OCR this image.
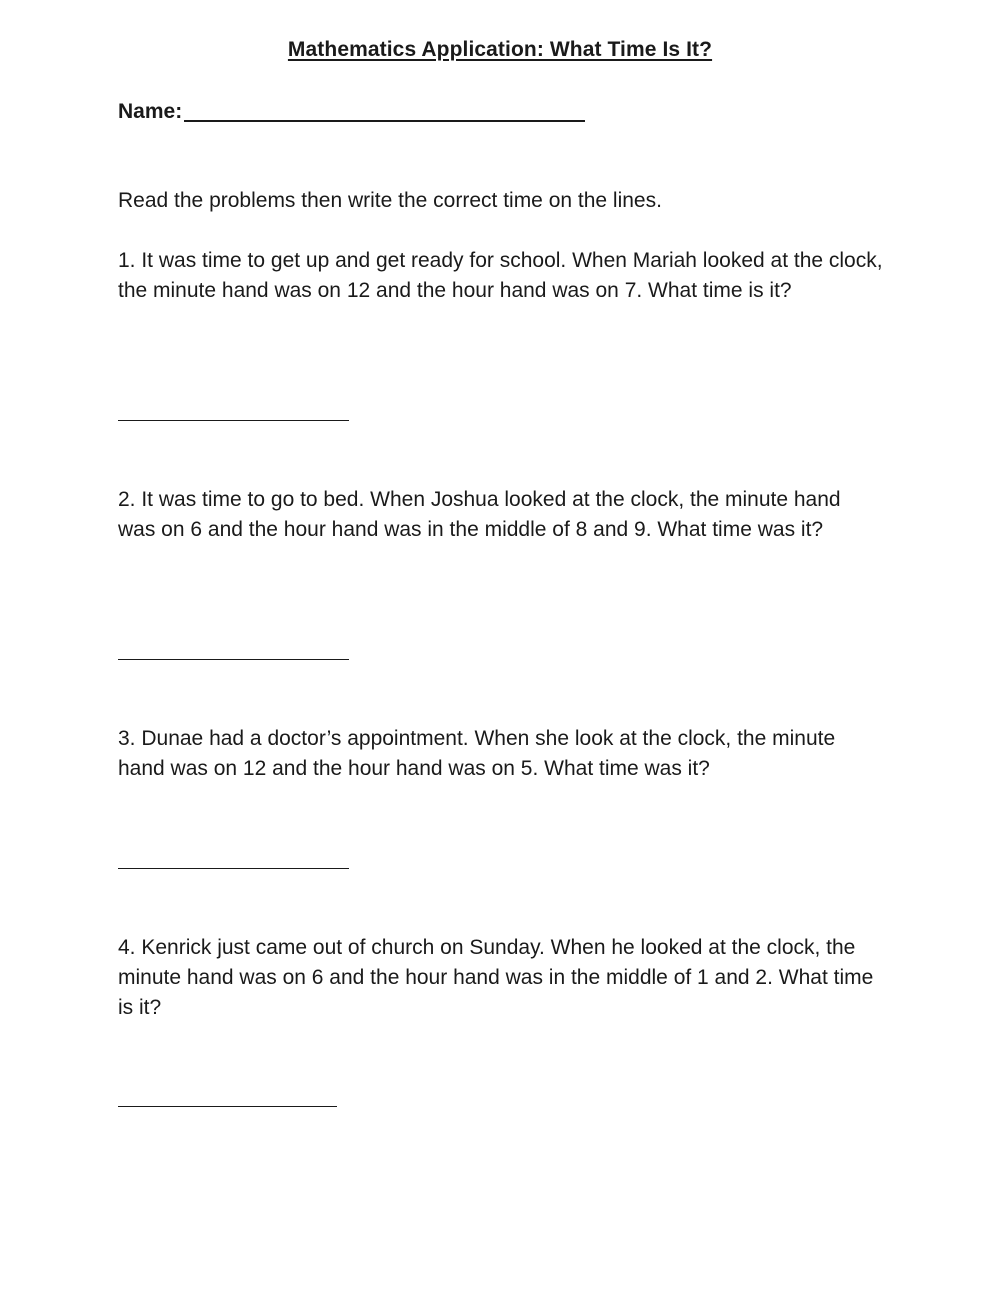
Mathematics Application: What Time Is It?
Name:
Read the problems then write the correct time on the lines.
1. It was time to get up and get ready for school. When Mariah looked at the clock, the minute hand was on 12 and the hour hand was on 7. What time is it?
2. It was time to go to bed. When Joshua looked at the clock, the minute hand was on 6 and the hour hand was in the middle of 8 and 9. What time was it?
3. Dunae had a doctor’s appointment. When she look at the clock, the minute hand was on 12 and the hour hand was on 5. What time was it?
4. Kenrick just came out of church on Sunday. When he looked at the clock, the minute hand was on 6 and the hour hand was in the middle of 1 and 2. What time is it?
